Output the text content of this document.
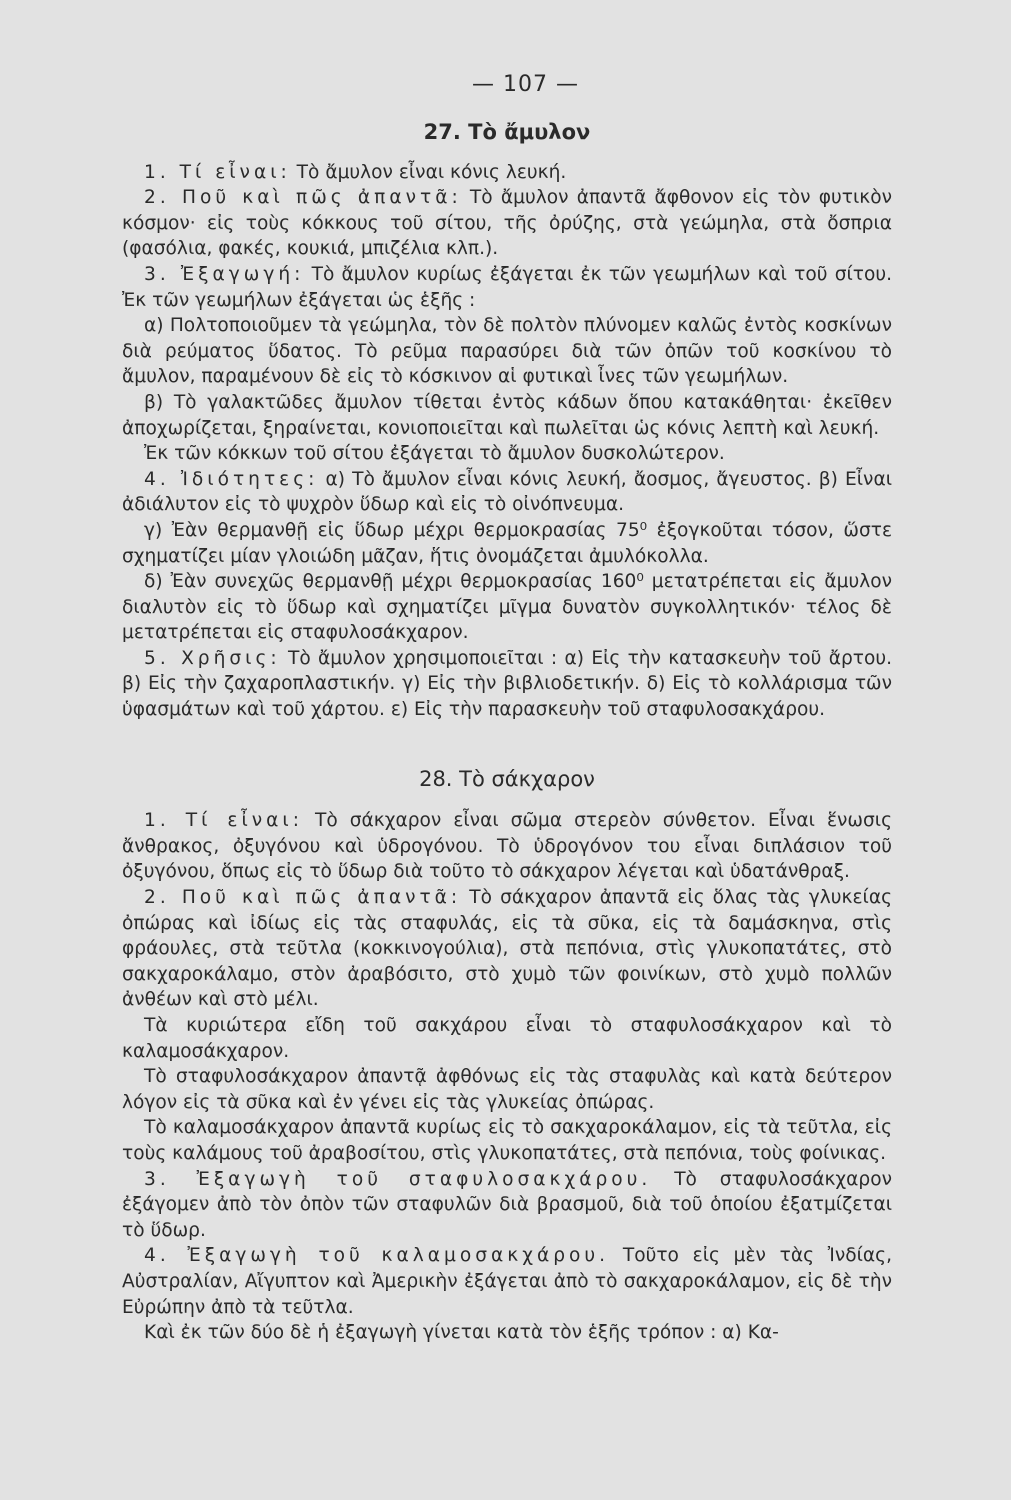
— 107 —
27. Τὸ ἄμυλον

1. Τί εἶναι: Τὸ ἄμυλον εἶναι κόνις λευκή.

2. Ποῦ καὶ πῶς ἀπαντᾶ: Τὸ ἄμυλον ἀπαντᾶ ἄφθονον εἰς τὸν φυτικὸν κόσμον· εἰς τοὺς κόκκους τοῦ σίτου, τῆς ὀρύζης, στὰ γεώμηλα, στὰ ὄσπρια (φασόλια, φακές, κουκιά, μπιζέλια κλπ.).

3. Ἐξαγωγή: Τὸ ἄμυλον κυρίως ἐξάγεται ἐκ τῶν γεωμήλων καὶ τοῦ σίτου. Ἐκ τῶν γεωμήλων ἐξάγεται ὡς ἑξῆς :

α) Πολτοποιοῦμεν τὰ γεώμηλα, τὸν δὲ πολτὸν πλύνομεν καλῶς ἐντὸς κοσκίνων διὰ ρεύματος ὕδατος. Τὸ ρεῦμα παρασύρει διὰ τῶν ὀπῶν τοῦ κοσκίνου τὸ ἄμυλον, παραμένουν δὲ εἰς τὸ κόσκινον αἱ φυτικαὶ ἶνες τῶν γεωμήλων.

β) Τὸ γαλακτῶδες ἄμυλον τίθεται ἐντὸς κάδων ὅπου κατακάθηται· ἐκεῖθεν ἀποχωρίζεται, ξηραίνεται, κονιοποιεῖται καὶ πωλεῖται ὡς κόνις λεπτὴ καὶ λευκή.

Ἐκ τῶν κόκκων τοῦ σίτου ἐξάγεται τὸ ἄμυλον δυσκολώτερον.

4. Ἰδιότητες: α) Τὸ ἄμυλον εἶναι κόνις λευκή, ἄοσμος, ἄγευστος. β) Εἶναι ἀδιάλυτον εἰς τὸ ψυχρὸν ὕδωρ καὶ εἰς τὸ οἰνόπνευμα.

γ) Ἐὰν θερμανθῇ εἰς ὕδωρ μέχρι θερμοκρασίας 75⁰ ἐξογκοῦται τόσον, ὥστε σχηματίζει μίαν γλοιώδη μᾶζαν, ἥτις ὀνομάζεται ἀμυλόκολλα.

δ) Ἐὰν συνεχῶς θερμανθῇ μέχρι θερμοκρασίας 160⁰ μετατρέπεται εἰς ἄμυλον διαλυτὸν εἰς τὸ ὕδωρ καὶ σχηματίζει μῖγμα δυνατὸν συγκολλητικόν· τέλος δὲ μετατρέπεται εἰς σταφυλοσάκχαρον.

5. Χρῆσις: Τὸ ἄμυλον χρησιμοποιεῖται : α) Εἰς τὴν κατασκευὴν τοῦ ἄρτου. β) Εἰς τὴν ζαχαροπλαστικήν. γ) Εἰς τὴν βιβλιοδετικήν. δ) Εἰς τὸ κολλάρισμα τῶν ὑφασμάτων καὶ τοῦ χάρτου. ε) Εἰς τὴν παρασκευὴν τοῦ σταφυλοσακχάρου.

28. Τὸ σάκχαρον

1. Τί εἶναι: Τὸ σάκχαρον εἶναι σῶμα στερεὸν σύνθετον. Εἶναι ἕνωσις ἄνθρακος, ὀξυγόνου καὶ ὑδρογόνου. Τὸ ὑδρογόνον του εἶναι διπλάσιον τοῦ ὀξυγόνου, ὅπως εἰς τὸ ὕδωρ διὰ τοῦτο τὸ σάκχαρον λέγεται καὶ ὑδατάνθραξ.

2. Ποῦ καὶ πῶς ἀπαντᾶ: Τὸ σάκχαρον ἀπαντᾶ εἰς ὅλας τὰς γλυκείας ὀπώρας καὶ ἰδίως εἰς τὰς σταφυλάς, εἰς τὰ σῦκα, εἰς τὰ δαμάσκηνα, στὶς φράουλες, στὰ τεῦτλα (κοκκινογούλια), στὰ πεπόνια, στὶς γλυκοπατάτες, στὸ σακχαροκάλαμο, στὸν ἀραβόσιτο, στὸ χυμὸ τῶν φοινίκων, στὸ χυμὸ πολλῶν ἀνθέων καὶ στὸ μέλι.

Τὰ κυριώτερα εἴδη τοῦ σακχάρου εἶναι τὸ σταφυλοσάκχαρον καὶ τὸ καλαμοσάκχαρον.

Τὸ σταφυλοσάκχαρον ἀπαντᾷ ἀφθόνως εἰς τὰς σταφυλὰς καὶ κατὰ δεύτερον λόγον εἰς τὰ σῦκα καὶ ἐν γένει εἰς τὰς γλυκείας ὀπώρας.

Τὸ καλαμοσάκχαρον ἀπαντᾶ κυρίως εἰς τὸ σακχαροκάλαμον, εἰς τὰ τεῦτλα, εἰς τοὺς καλάμους τοῦ ἀραβοσίτου, στὶς γλυκοπατάτες, στὰ πεπόνια, τοὺς φοίνικας.

3. Ἐξαγωγὴ τοῦ σταφυλοσακχάρου. Τὸ σταφυλοσάκχαρον ἐξάγομεν ἀπὸ τὸν ὀπὸν τῶν σταφυλῶν διὰ βρασμοῦ, διὰ τοῦ ὁποίου ἐξατμίζεται τὸ ὕδωρ.

4. Ἐξαγωγὴ τοῦ καλαμοσακχάρου. Τοῦτο εἰς μὲν τὰς Ἰνδίας, Αὐστραλίαν, Αἴγυπτον καὶ Ἀμερικὴν ἐξάγεται ἀπὸ τὸ σακχαροκάλαμον, εἰς δὲ τὴν Εὐρώπην ἀπὸ τὰ τεῦτλα.

Καὶ ἐκ τῶν δύο δὲ ἡ ἐξαγωγὴ γίνεται κατὰ τὸν ἑξῆς τρόπον : α) Κα-
